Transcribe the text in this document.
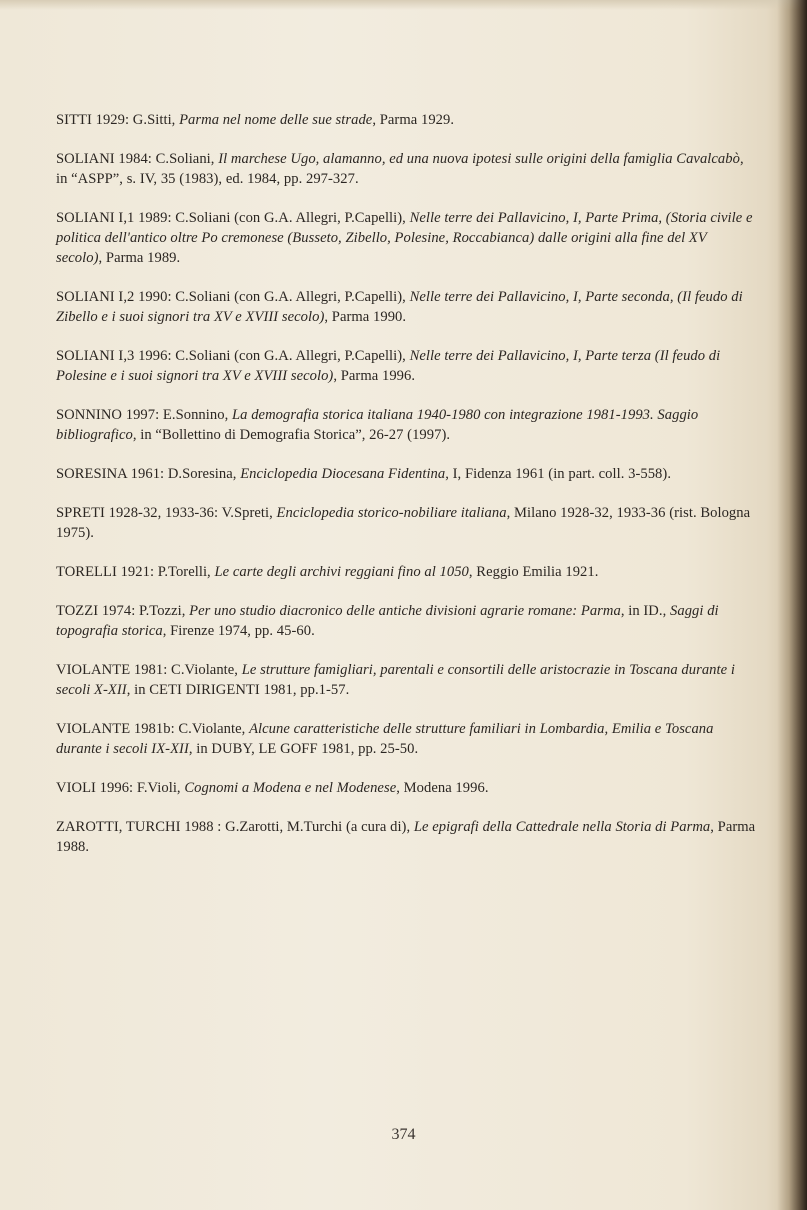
SITTI 1929: G.Sitti, Parma nel nome delle sue strade, Parma 1929.

SOLIANI 1984: C.Soliani, Il marchese Ugo, alamanno, ed una nuova ipotesi sulle origini della famiglia Cavalcabò, in “ASPP”, s. IV, 35 (1983), ed. 1984, pp. 297-327.

SOLIANI I,1 1989: C.Soliani (con G.A. Allegri, P.Capelli), Nelle terre dei Pallavicino, I, Parte Prima, (Storia civile e politica dell'antico oltre Po cremonese (Busseto, Zibello, Polesine, Roccabianca) dalle origini alla fine del XV secolo), Parma 1989.

SOLIANI I,2 1990: C.Soliani (con G.A. Allegri, P.Capelli), Nelle terre dei Pallavicino, I, Parte seconda, (Il feudo di Zibello e i suoi signori tra XV e XVIII secolo), Parma 1990.

SOLIANI I,3 1996: C.Soliani (con G.A. Allegri, P.Capelli), Nelle terre dei Pallavicino, I, Parte terza (Il feudo di Polesine e i suoi signori tra XV e XVIII secolo), Parma 1996.

SONNINO 1997: E.Sonnino, La demografia storica italiana 1940-1980 con integrazione 1981-1993. Saggio bibliografico, in “Bollettino di Demografia Storica”, 26-27 (1997).

SORESINA 1961: D.Soresina, Enciclopedia Diocesana Fidentina, I, Fidenza 1961 (in part. coll. 3-558).

SPRETI 1928-32, 1933-36: V.Spreti, Enciclopedia storico-nobiliare italiana, Milano 1928-32, 1933-36 (rist. Bologna 1975).

TORELLI 1921: P.Torelli, Le carte degli archivi reggiani fino al 1050, Reggio Emilia 1921.

TOZZI 1974: P.Tozzi, Per uno studio diacronico delle antiche divisioni agrarie romane: Parma, in ID., Saggi di topografia storica, Firenze 1974, pp. 45-60.

VIOLANTE 1981: C.Violante, Le strutture famigliari, parentali e consortili delle aristocrazie in Toscana durante i secoli X-XII, in CETI DIRIGENTI 1981, pp.1-57.

VIOLANTE 1981b: C.Violante, Alcune caratteristiche delle strutture familiari in Lombardia, Emilia e Toscana durante i secoli IX-XII, in DUBY, LE GOFF 1981, pp. 25-50.

VIOLI 1996: F.Violi, Cognomi a Modena e nel Modenese, Modena 1996.

ZAROTTI, TURCHI 1988 : G.Zarotti, M.Turchi (a cura di), Le epigrafi della Cattedrale nella Storia di Parma, Parma 1988.

374
